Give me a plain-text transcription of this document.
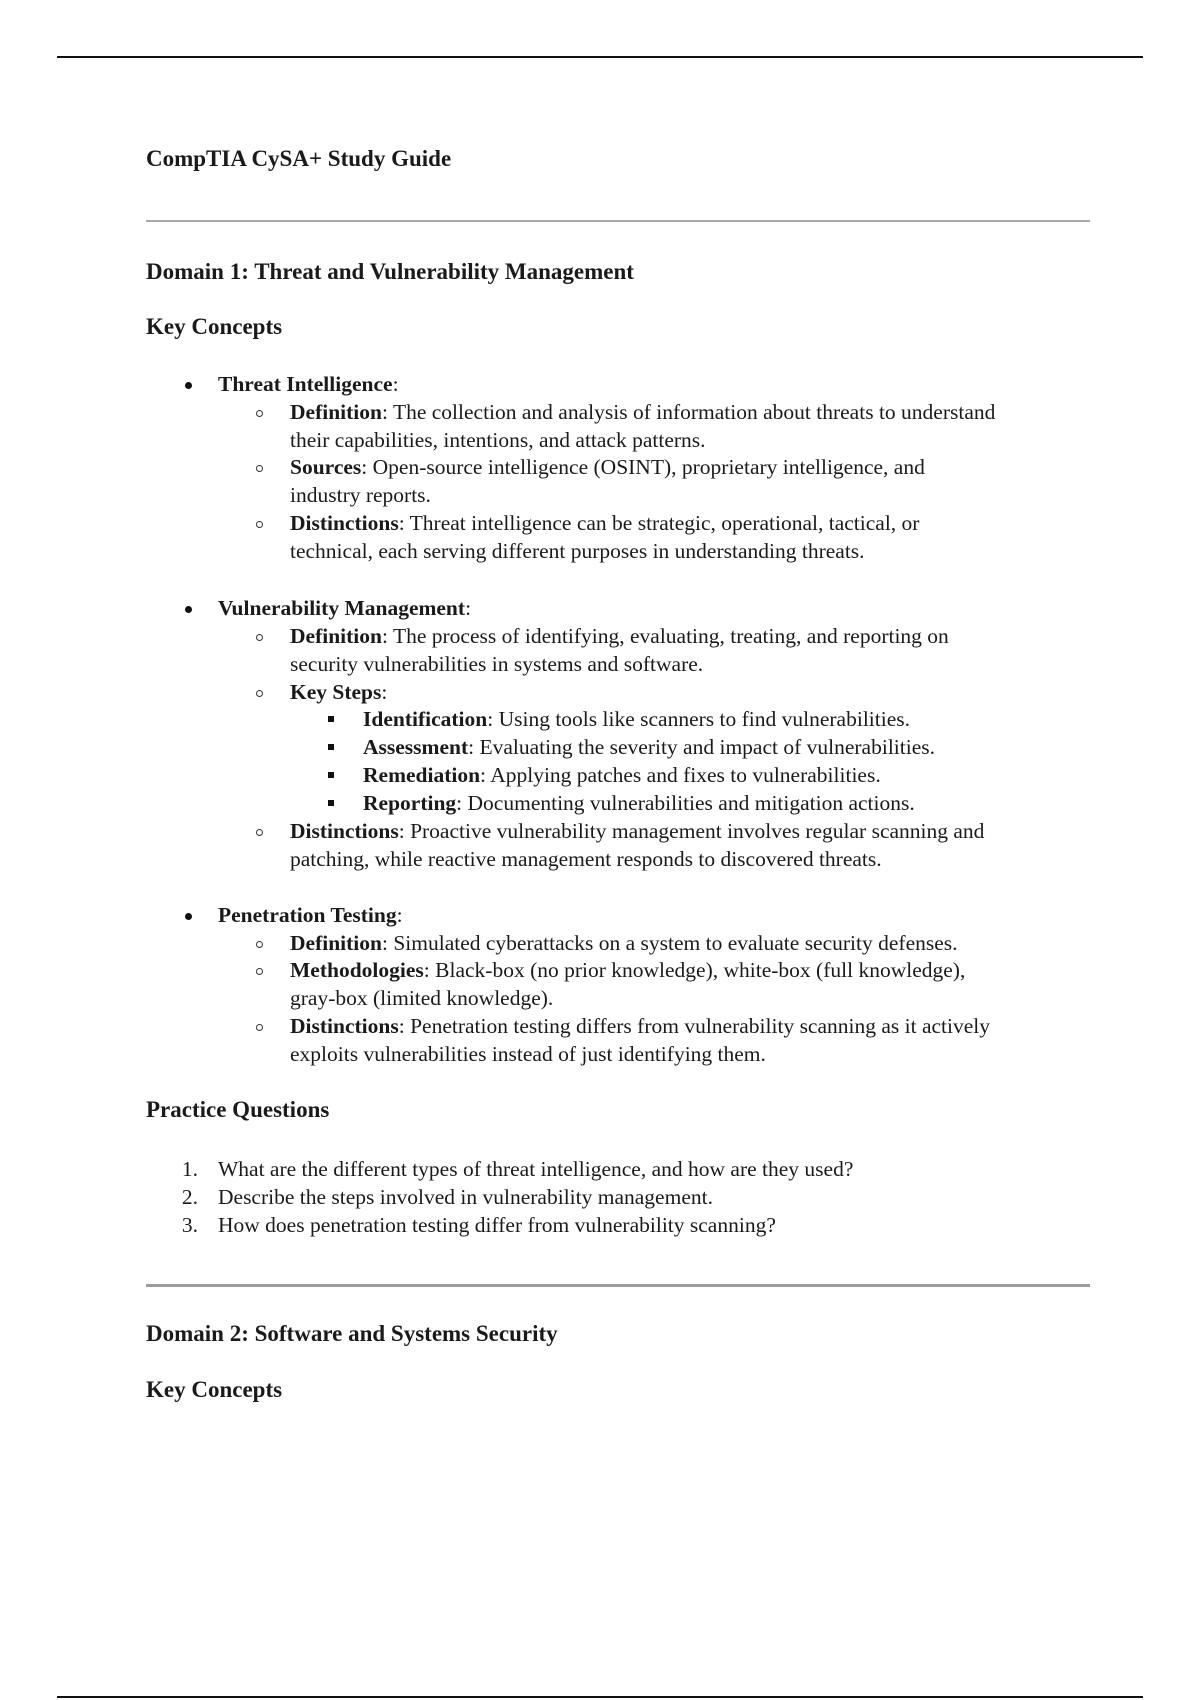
CompTIA CySA+ Study Guide
Domain 1: Threat and Vulnerability Management
Key Concepts
Threat Intelligence:
Definition: The collection and analysis of information about threats to understand
their capabilities, intentions, and attack patterns.
Sources: Open-source intelligence (OSINT), proprietary intelligence, and
industry reports.
Distinctions: Threat intelligence can be strategic, operational, tactical, or
technical, each serving different purposes in understanding threats.
Vulnerability Management:
Definition: The process of identifying, evaluating, treating, and reporting on
security vulnerabilities in systems and software.
Key Steps:
Identification: Using tools like scanners to find vulnerabilities.
Assessment: Evaluating the severity and impact of vulnerabilities.
Remediation: Applying patches and fixes to vulnerabilities.
Reporting: Documenting vulnerabilities and mitigation actions.
Distinctions: Proactive vulnerability management involves regular scanning and
patching, while reactive management responds to discovered threats.
Penetration Testing:
Definition: Simulated cyberattacks on a system to evaluate security defenses.
Methodologies: Black-box (no prior knowledge), white-box (full knowledge),
gray-box (limited knowledge).
Distinctions: Penetration testing differs from vulnerability scanning as it actively
exploits vulnerabilities instead of just identifying them.
Practice Questions
1. What are the different types of threat intelligence, and how are they used?
2. Describe the steps involved in vulnerability management.
3. How does penetration testing differ from vulnerability scanning?
Domain 2: Software and Systems Security
Key Concepts
